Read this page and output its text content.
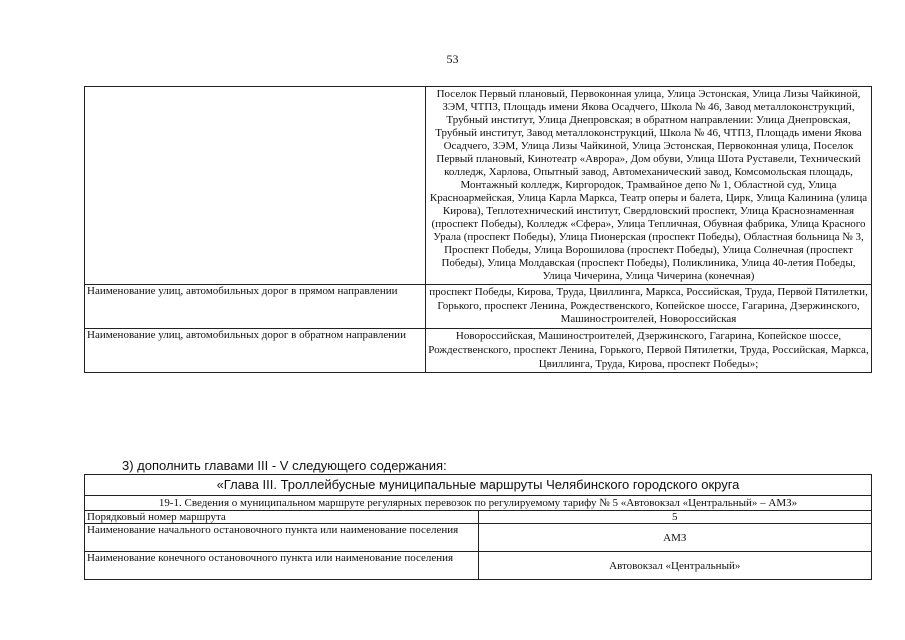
53
	Поселок Первый плановый, Первоконная улица, Улица Эстонская, Улица Лизы Чайкиной, ЗЭМ, ЧТПЗ, Площадь имени Якова Осадчего, Школа № 46, Завод металлоконструкций, Трубный институт, Улица Днепровская; в обратном направлении: Улица Днепровская, Трубный институт, Завод металлоконструкций, Школа № 46, ЧТПЗ, Площадь имени Якова Осадчего, ЗЭМ, Улица Лизы Чайкиной, Улица Эстонская, Первоконная улица, Поселок Первый плановый, Кинотеатр «Аврора», Дом обуви, Улица Шота Руставели, Технический колледж, Харлова, Опытный завод, Автомеханический завод, Комсомольская площадь, Монтажный колледж, Киргородок, Трамвайное депо № 1, Областной суд, Улица Красноармейская, Улица Карла Маркса, Театр оперы и балета, Цирк, Улица Калинина (улица Кирова), Теплотехнический институт, Свердловский проспект, Улица Краснознаменная (проспект Победы), Колледж «Сфера», Улица Тепличная, Обувная фабрика, Улица Красного Урала (проспект Победы), Улица Пионерская (проспект Победы), Областная больница № 3, Проспект Победы, Улица Ворошилова (проспект Победы), Улица Солнечная (проспект Победы), Улица Молдавская (проспект Победы), Поликлиника, Улица 40-летия Победы, Улица Чичерина, Улица Чичерина (конечная)
Наименование улиц, автомобильных дорог в прямом направлении	проспект Победы, Кирова, Труда, Цвиллинга, Маркса, Российская, Труда, Первой Пятилетки, Горького, проспект Ленина, Рождественского, Копейское шоссе, Гагарина, Дзержинского, Машиностроителей, Новороссийская
Наименование улиц, автомобильных дорог в обратном направлении	Новороссийская, Машиностроителей, Дзержинского, Гагарина, Копейское шоссе, Рождественского, проспект Ленина, Горького, Первой Пятилетки, Труда, Российская, Маркса, Цвиллинга, Труда, Кирова, проспект Победы»;
3) дополнить главами III - V следующего содержания:
«Глава III. Троллейбусные муниципальные маршруты Челябинского городского округа	
19-1. Сведения о муниципальном маршруте регулярных перевозок по регулируемому тарифу № 5 «Автовокзал «Центральный» – АМЗ»	
Порядковый номер маршрута	5
Наименование начального остановочного пункта или наименование поселения	АМЗ
Наименование конечного остановочного пункта или наименование поселения	Автовокзал «Центральный»
